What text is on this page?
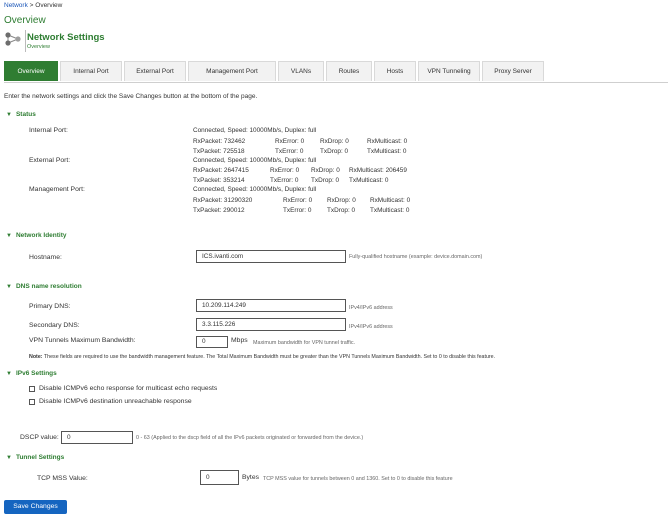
Network > Overview
Overview
Network Settings
Overview
Overview	Internal Port	External Port	Management Port	VLANs	Routes	Hosts	VPN Tunneling	Proxy Server
Enter the network settings and click the Save Changes button at the bottom of the page.
▼ Status
Internal Port:	Connected, Speed: 10000Mb/s, Duplex: full
RxPacket: 732462	RxError: 0 RxDrop: 0	RxMulticast: 0
TxPacket: 725518	TxError: 0	TxDrop: 0	TxMulticast: 0
External Port:	Connected, Speed: 10000Mb/s, Duplex: full
RxPacket: 2647415	RxError: 0 RxDrop: 0 RxMulticast: 206459
TxPacket: 353214	TxError: 0 TxDrop: 0 TxMulticast: 0
Management Port:	Connected, Speed: 10000Mb/s, Duplex: full
RxPacket: 31290320	RxError: 0 RxDrop: 0 RxMulticast: 0
TxPacket: 290012	TxError: 0 TxDrop: 0 TxMulticast: 0
▼ Network Identity
Hostname:	ICS.ivanti.com	Fully-qualified hostname (example: device.domain.com)
▼ DNS name resolution
Primary DNS:	10.209.114.249	IPv4/IPv6 address
Secondary DNS:	3.3.115.226	IPv4/IPv6 address
VPN Tunnels Maximum Bandwidth:	0	Mbps Maximum bandwidth for VPN tunnel traffic.
Note: These fields are required to use the bandwidth management feature. The Total Maximum Bandwidth must be greater than the VPN Tunnels Maximum Bandwidth. Set to 0 to disable this feature.
▼ IPv6 Settings
Disable ICMPv6 echo response for multicast echo requests
Disable ICMPv6 destination unreachable response
DSCP value:	0	0 - 63 (Applied to the dscp field of all the IPv6 packets originated or forwarded from the device.)
▼ Tunnel Settings
TCP MSS Value:	0	Bytes TCP MSS value for tunnels between 0 and 1360. Set to 0 to disable this feature
Save Changes
